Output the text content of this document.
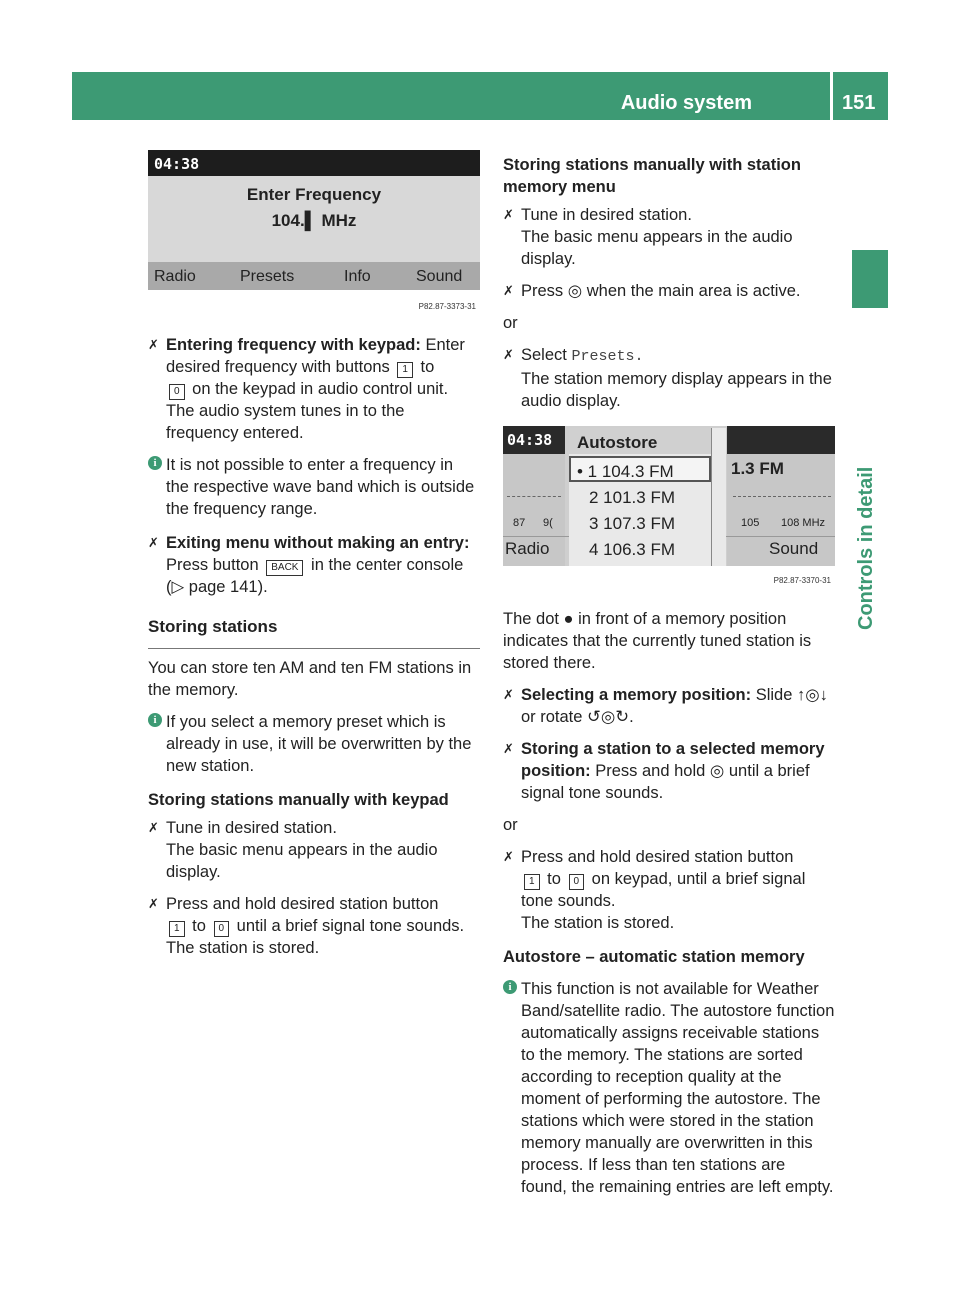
Audio system	151
Controls in detail
04:38
Enter Frequency
104.▌ MHz
Radio	Presets	Info	Sound
P82.87-3373-31
✗ Entering frequency with keypad: Enter desired frequency with buttons 1 to
0 on the keypad in audio control unit.
The audio system tunes in to the frequency entered.
i It is not possible to enter a frequency in the respective wave band which is outside the frequency range.
✗ Exiting menu without making an entry:
Press button BACK in the center console
(▷ page 141).
Storing stations

You can store ten AM and ten FM stations in the memory.

i If you select a memory preset which is already in use, it will be overwritten by the new station.
Storing stations manually with keypad
✗ Tune in desired station.
The basic menu appears in the audio display.
✗ Press and hold desired station button
1 to 0 until a brief signal tone sounds.
The station is stored.
Storing stations manually with station memory menu
✗ Tune in desired station.
The basic menu appears in the audio display.
✗ Press ◎ when the main area is active.

or

✗ Select Presets.
The station memory display appears in the audio display.
04:38
1.3 FM
87 9(	105 108 MHz
Radio	Sound
Autostore
• 1 104.3 FM
2 101.3 FM
3 107.3 FM
4 106.3 FM
P82.87-3370-31

The dot ● in front of a memory position indicates that the currently tuned station is stored there.

✗ Selecting a memory position: Slide ↑◎↓ or rotate ↺◎↻.
✗ Storing a station to a selected memory position: Press and hold ◎ until a brief signal tone sounds.

or

✗ Press and hold desired station button
1 to 0 on keypad, until a brief signal tone sounds.
The station is stored.
Autostore – automatic station memory
i This function is not available for Weather Band/satellite radio. The autostore function automatically assigns receivable stations to the memory. The stations are sorted according to reception quality at the moment of performing the autostore. The stations which were stored in the station memory manually are overwritten in this process. If less than ten stations are found, the remaining entries are left empty.
